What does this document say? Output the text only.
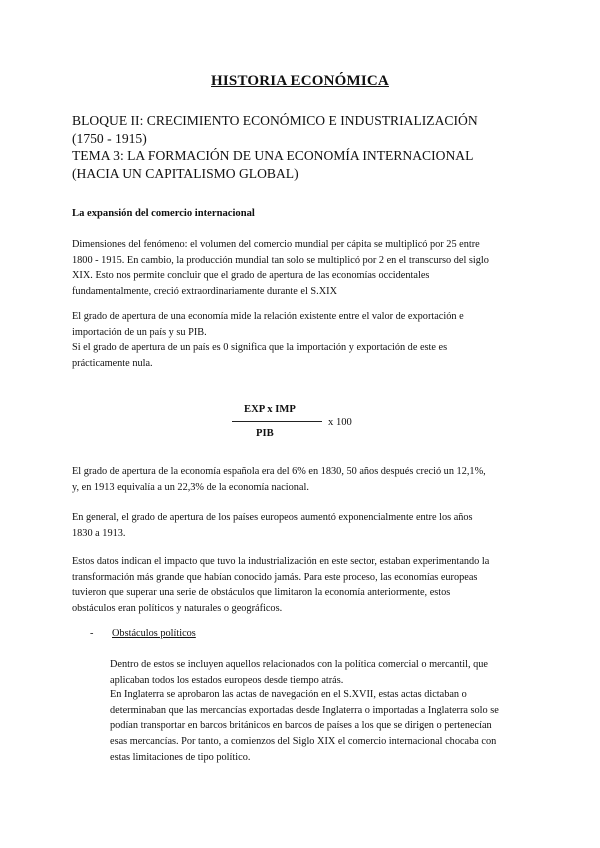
HISTORIA ECONÓMICA
BLOQUE II: CRECIMIENTO ECONÓMICO E INDUSTRIALIZACIÓN
(1750 - 1915)
TEMA 3: LA FORMACIÓN DE UNA ECONOMÍA INTERNACIONAL
(HACIA UN CAPITALISMO GLOBAL)
La expansión del comercio internacional

Dimensiones del fenómeno: el volumen del comercio mundial per cápita se multiplicó por 25 entre
1800 - 1915. En cambio, la producción mundial tan solo se multiplicó por 2 en el transcurso del siglo
XIX. Esto nos permite concluir que el grado de apertura de las economías occidentales
fundamentalmente, creció extraordinariamente durante el S.XIX

El grado de apertura de una economía mide la relación existente entre el valor de exportación e
importación de un país y su PIB.
Si el grado de apertura de un país es 0 significa que la importación y exportación de este es
prácticamente nula.

EXP x IMP
PIB
x 100

El grado de apertura de la economía española era del 6% en 1830, 50 años después creció un 12,1%,
y, en 1913 equivalía a un 22,3% de la economía nacional.

En general, el grado de apertura de los países europeos aumentó exponencialmente entre los años
1830 a 1913.

Estos datos indican el impacto que tuvo la industrialización en este sector, estaban experimentando la
transformación más grande que habían conocido jamás. Para este proceso, las economías europeas
tuvieron que superar una serie de obstáculos que limitaron la economía anteriormente, estos
obstáculos eran políticos y naturales o geográficos.

- Obstáculos políticos

Dentro de estos se incluyen aquellos relacionados con la política comercial o mercantil, que
aplicaban todos los estados europeos desde tiempo atrás.

En Inglaterra se aprobaron las actas de navegación en el S.XVII, estas actas dictaban o
determinaban que las mercancías exportadas desde Inglaterra o importadas a Inglaterra solo se
podían transportar en barcos británicos en barcos de países a los que se dirigen o pertenecían
esas mercancías. Por tanto, a comienzos del Siglo XIX el comercio internacional chocaba con
estas limitaciones de tipo político.
